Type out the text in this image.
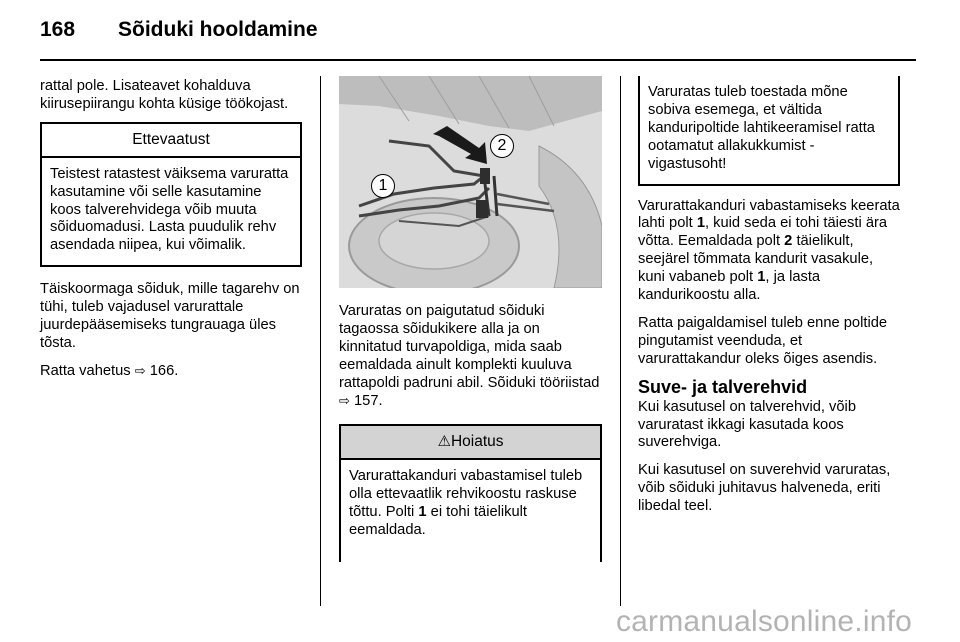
168 Sõiduki hooldamine

rattal pole. Lisateavet kohalduva kiirusepiirangu kohta küsige töökojast.

Ettevaatust
Teistest ratastest väiksema varuratta kasutamine või selle kasutamine koos talverehvidega võib muuta sõiduomadusi. Lasta puudulik rehv asendada niipea, kui võimalik.

Täiskoormaga sõiduk, mille tagarehv on tühi, tuleb vajadusel varurattale juurdepääsemiseks tungrauaga üles tõsta.

Ratta vahetus ⇨ 166.

1
2

Varuratas on paigutatud sõiduki tagaossa sõidukikere alla ja on kinnitatud turvapoldiga, mida saab eemaldada ainult komplekti kuuluva rattapoldi padruni abil. Sõiduki tööriistad ⇨ 157.

⚠Hoiatus
Varurattakanduri vabastamisel tuleb olla ettevaatlik rehvikoostu raskuse tõttu. Polti 1 ei tohi täielikult eemaldada.
Varuratas tuleb toestada mõne sobiva esemega, et vältida kanduripoltide lahtikeeramisel ratta ootamatut allakukkumist - vigastusoht!

Varurattakanduri vabastamiseks keerata lahti polt 1, kuid seda ei tohi täiesti ära võtta. Eemaldada polt 2 täielikult, seejärel tõmmata kandurit vasakule, kuni vabaneb polt 1, ja lasta kandurikoostu alla.

Ratta paigaldamisel tuleb enne poltide pingutamist veenduda, et varurattakandur oleks õiges asendis.

Suve- ja talverehvid

Kui kasutusel on talverehvid, võib varuratast ikkagi kasutada koos suverehviga.

Kui kasutusel on suverehvid varuratas, võib sõiduki juhitavus halveneda, eriti libedal teel.

carmanualsonline.info
